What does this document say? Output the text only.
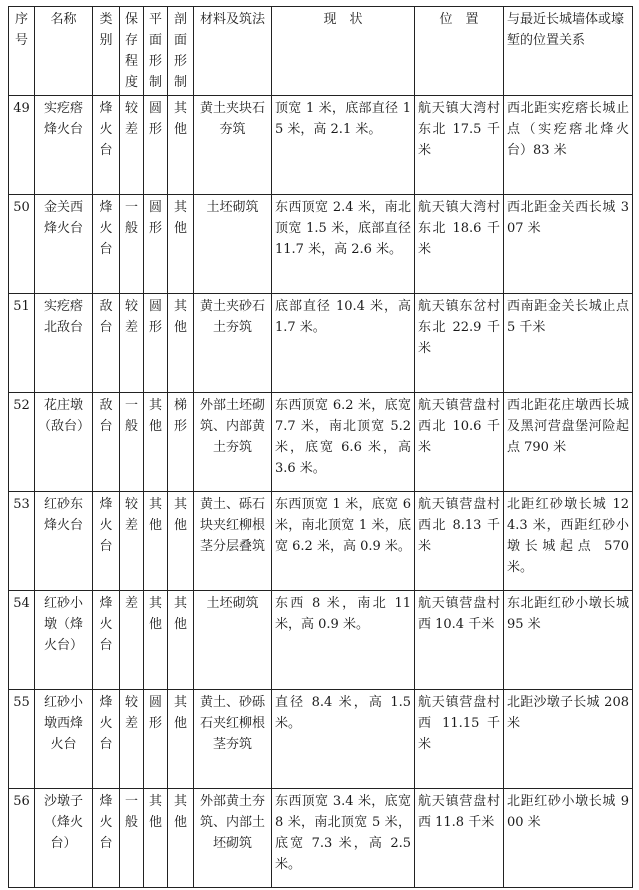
序号	名称	类别	保存程度	平面形制	剖面形制	材料及筑法	现　状	位　置	与最近长城墙体或壕堑的位置关系
49	实疙瘩烽火台	烽火台	较差	圆形	其他	黄土夹块石夯筑	顶宽 1 米，底部直径 15 米，高 2.1 米。	航天镇大湾村东北 17.5 千米	西北距实疙瘩长城止点（实疙瘩北烽火台）83 米
50	金关西烽火台	烽火台	一般	圆形	其他	土坯砌筑	东西顶宽 2.4 米，南北顶宽 1.5 米，底部直径 11.7 米，高 2.6 米。	航天镇大湾村东北 18.6 千米	西北距金关西长城 307 米
51	实疙瘩北敌台	敌台	较差	圆形	其他	黄土夹砂石土夯筑	底部直径 10.4 米，高 1.7 米。	航天镇东岔村东北 22.9 千米	西南距金关长城止点 5 千米
52	花庄墩（敌台）	敌台	一般	其他	梯形	外部土坯砌筑、内部黄土夯筑	东西顶宽 6.2 米，底宽 7.7 米，南北顶宽 5.2 米，底宽 6.6 米，高 3.6 米。	航天镇营盘村西北 10.6 千米	西北距花庄墩西长城及黑河营盘堡河险起点 790 米
53	红砂东烽火台	烽火台	较差	其他	其他	黄土、砾石块夹红柳根茎分层叠筑	东西顶宽 1 米，底宽 6 米，南北顶宽 1 米，底宽 6.2 米，高 0.9 米。	航天镇营盘村西北 8.13 千米	北距红砂墩长城 124.3 米，西距红砂小墩长城起点 570 米。
54	红砂小墩（烽火台）	烽火台	差	其他	其他	土坯砌筑	东西 8 米，南北 11 米，高 0.9 米。	航天镇营盘村西 10.4 千米	东北距红砂小墩长城 95 米
55	红砂小墩西烽火台	烽火台	较差	圆形	其他	黄土、砂砾石夹红柳根茎夯筑	直径 8.4 米，高 1.5 米。	航天镇营盘村西 11.15 千米	北距沙墩子长城 208 米
56	沙墩子（烽火台）	烽火台	一般	其他	其他	外部黄土夯筑、内部土坯砌筑	东西顶宽 3.4 米，底宽 8 米，南北顶宽 5 米，底宽 7.3 米，高 2.5 米。	航天镇营盘村西 11.8 千米	北距红砂小墩长城 900 米
